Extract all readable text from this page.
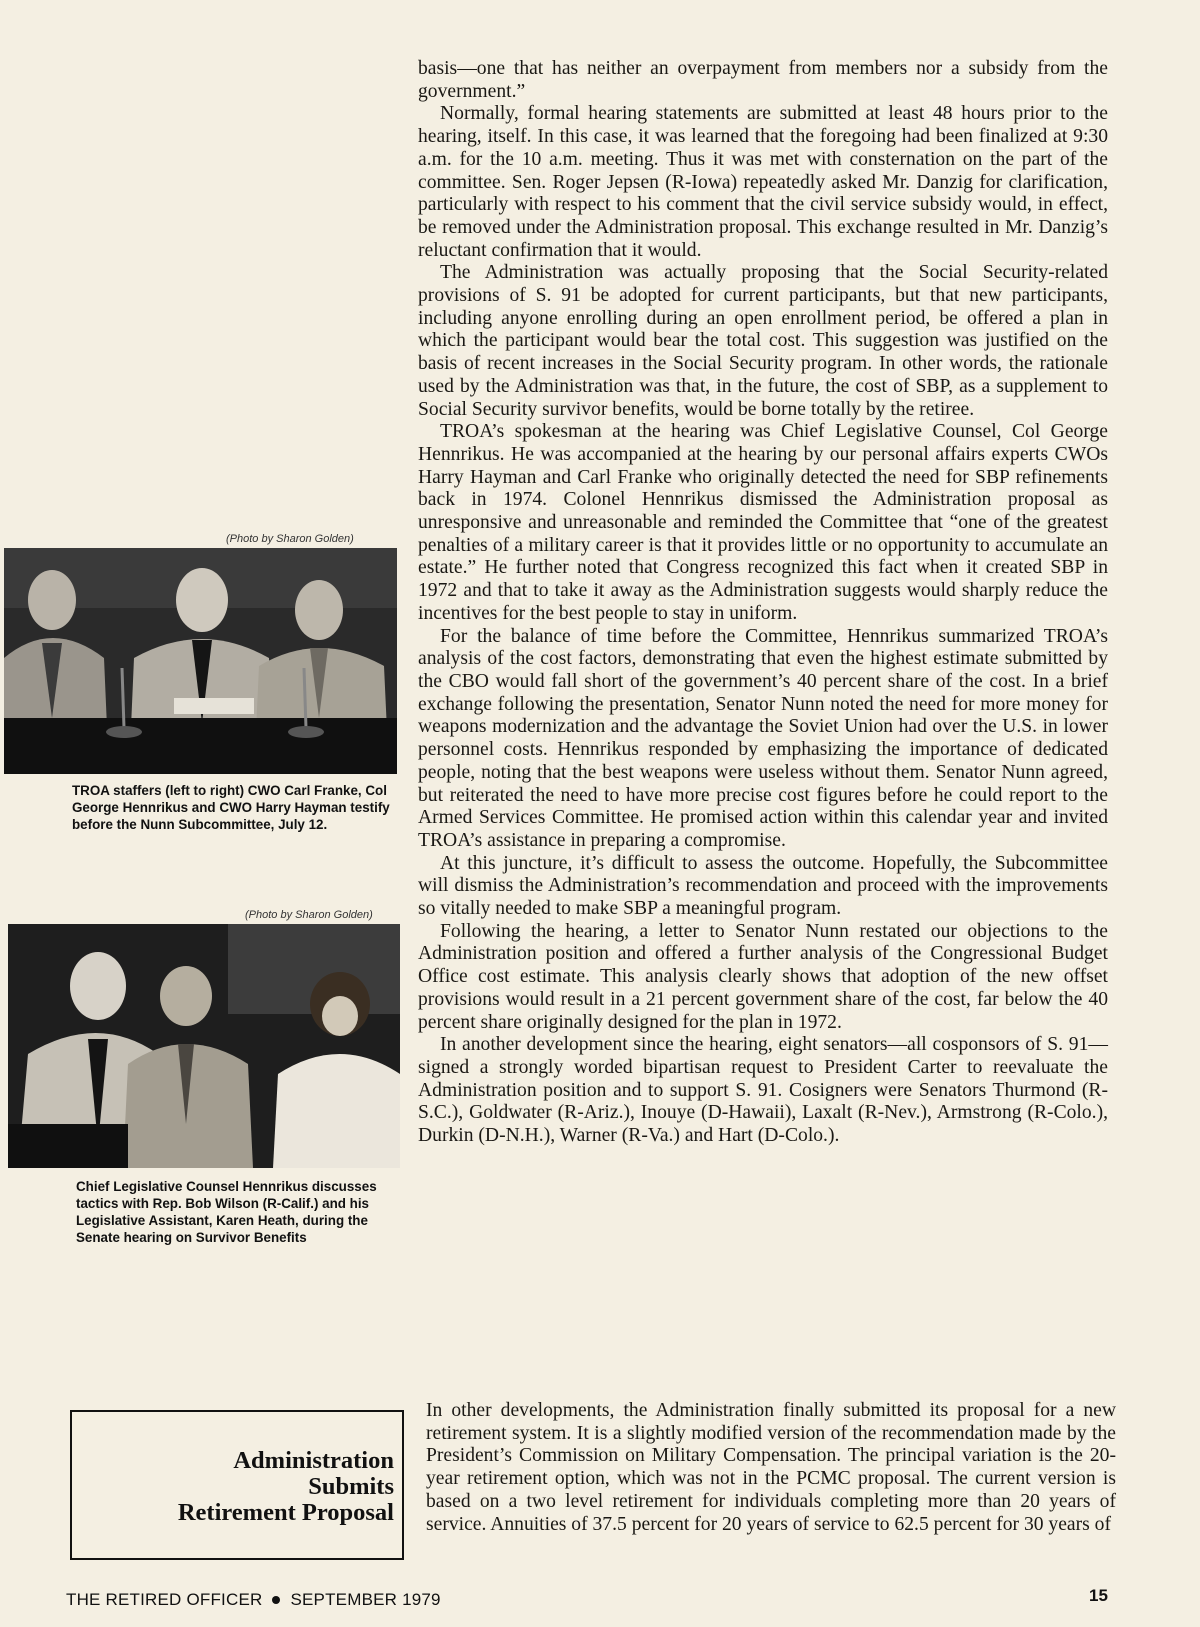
basis—one that has neither an overpayment from members nor a subsidy from the government.”

Normally, formal hearing statements are submitted at least 48 hours prior to the hearing, itself. In this case, it was learned that the foregoing had been finalized at 9:30 a.m. for the 10 a.m. meeting. Thus it was met with consternation on the part of the committee. Sen. Roger Jepsen (R-Iowa) repeatedly asked Mr. Danzig for clarification, particularly with respect to his comment that the civil service subsidy would, in effect, be removed under the Administration proposal. This exchange resulted in Mr. Danzig’s reluctant confirmation that it would.

The Administration was actually proposing that the Social Security-related provisions of S. 91 be adopted for current participants, but that new participants, including anyone enrolling during an open enrollment period, be offered a plan in which the participant would bear the total cost. This suggestion was justified on the basis of recent increases in the Social Security program. In other words, the rationale used by the Administration was that, in the future, the cost of SBP, as a supplement to Social Security survivor benefits, would be borne totally by the retiree.

TROA’s spokesman at the hearing was Chief Legislative Counsel, Col George Hennrikus. He was accompanied at the hearing by our personal affairs experts CWOs Harry Hayman and Carl Franke who originally detected the need for SBP refinements back in 1974. Colonel Hennrikus dismissed the Administration proposal as unresponsive and unreasonable and reminded the Committee that “one of the greatest penalties of a military career is that it provides little or no opportunity to accumulate an estate.” He further noted that Congress recognized this fact when it created SBP in 1972 and that to take it away as the Administration suggests would sharply reduce the incentives for the best people to stay in uniform.

For the balance of time before the Committee, Hennrikus summarized TROA’s analysis of the cost factors, demonstrating that even the highest estimate submitted by the CBO would fall short of the government’s 40 percent share of the cost. In a brief exchange following the presentation, Senator Nunn noted the need for more money for weapons modernization and the advantage the Soviet Union had over the U.S. in lower personnel costs. Hennrikus responded by emphasizing the importance of dedicated people, noting that the best weapons were useless without them. Senator Nunn agreed, but reiterated the need to have more precise cost figures before he could report to the Armed Services Committee. He promised action within this calendar year and invited TROA’s assistance in preparing a compromise.

At this juncture, it’s difficult to assess the outcome. Hopefully, the Subcommittee will dismiss the Administration’s recommendation and proceed with the improvements so vitally needed to make SBP a meaningful program.

Following the hearing, a letter to Senator Nunn restated our objections to the Administration position and offered a further analysis of the Congressional Budget Office cost estimate. This analysis clearly shows that adoption of the new offset provisions would result in a 21 percent government share of the cost, far below the 40 percent share originally designed for the plan in 1972.

In another development since the hearing, eight senators—all cosponsors of S. 91—signed a strongly worded bipartisan request to President Carter to reevaluate the Administration position and to support S. 91. Cosigners were Senators Thurmond (R-S.C.), Goldwater (R-Ariz.), Inouye (D-Hawaii), Laxalt (R-Nev.), Armstrong (R-Colo.), Durkin (D-N.H.), Warner (R-Va.) and Hart (D-Colo.).

(Photo by Sharon Golden)
TROA staffers (left to right) CWO Carl Franke, Col George Hennrikus and CWO Harry Hayman testify before the Nunn Subcommittee, July 12.
(Photo by Sharon Golden)
Chief Legislative Counsel Hennrikus discusses tactics with Rep. Bob Wilson (R-Calif.) and his Legislative Assistant, Karen Heath, during the Senate hearing on Survivor Benefits
Administration
Submits
Retirement Proposal

In other developments, the Administration finally submitted its proposal for a new retirement system. It is a slightly modified version of the recommendation made by the President’s Commission on Military Compensation. The principal variation is the 20-year retirement option, which was not in the PCMC proposal. The current version is based on a two level retirement for individuals completing more than 20 years of service. Annuities of 37.5 percent for 20 years of service to 62.5 percent for 30 years of

THE RETIRED OFFICER SEPTEMBER 1979	15
